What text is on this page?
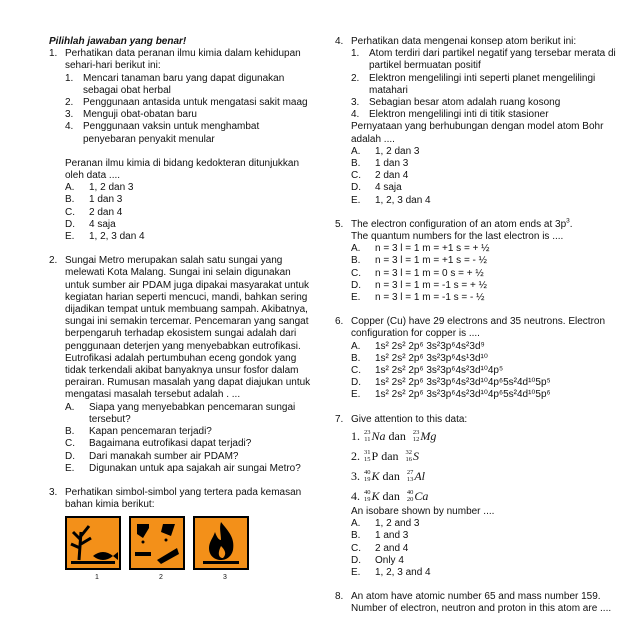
Pilihlah jawaban yang benar!

1. Perhatikan data peranan ilmu kimia dalam kehidupan sehari-hari berikut ini:

1. Mencari tanaman baru yang dapat digunakan sebagai obat herbal
2. Penggunaan antasida untuk mengatasi sakit maag
3. Menguji obat-obatan baru
4. Penggunaan vaksin untuk menghambat penyebaran penyakit menular

Peranan ilmu kimia di bidang kedokteran ditunjukkan oleh data ....

A. 1, 2 dan 3
B. 1 dan 3
C. 2 dan 4
D. 4 saja
E. 1, 2, 3 dan 4
2. Sungai Metro merupakan salah satu sungai yang melewati Kota Malang. Sungai ini selain digunakan untuk sumber air PDAM juga dipakai masyarakat untuk kegiatan harian seperti mencuci, mandi, bahkan sering dijadikan tempat untuk membuang sampah. Akibatnya, sungai ini semakin tercemar. Pencemaran yang sangat berpengaruh terhadap ekosistem sungai adalah dari penggunaan deterjen yang menyebabkan eutrofikasi. Eutrofikasi adalah pertumbuhan eceng gondok yang tidak terkendali akibat banyaknya unsur fosfor dalam perairan. Rumusan masalah yang dapat diajukan untuk mengatasi masalah tersebut adalah . ...

A. Siapa yang menyebabkan pencemaran sungai tersebut?
B. Kapan pencemaran terjadi?
C. Bagaimana eutrofikasi dapat terjadi?
D. Dari manakah sumber air PDAM?
E. Digunakan untuk apa sajakah air sungai Metro?
3. Perhatikan simbol-simbol yang tertera pada kemasan bahan kimia berikut:

1	2	3
4. Perhatikan data mengenai konsep atom berikut ini:

1. Atom terdiri dari partikel negatif yang tersebar merata di partikel bermuatan positif
2. Elektron mengelilingi inti seperti planet mengelilingi matahari
3. Sebagian besar atom adalah ruang kosong
4. Elektron mengelilingi inti di titik stasioner

Pernyataan yang berhubungan dengan model atom Bohr adalah ....

A. 1, 2 dan 3
B. 1 dan 3
C. 2 dan 4
D. 4 saja
E. 1, 2, 3 dan 4
5. The electron configuration of an atom ends at $3p^3$.

The quantum numbers for the last electron is ....

A. n = 3 l = 1 m = +1 s = + ½
B. n = 3 l = 1 m = +1 s = - ½
C. n = 3 l = 1 m = 0 s = + ½
D. n = 3 l = 1 m = -1 s = + ½
E. n = 3 l = 1 m = -1 s = - ½
6. Copper (Cu) have 29 electrons and 35 neutrons. Electron configuration for copper is ....

A. 1s² 2s² 2p⁶ 3s²3p⁶4s²3d⁹
B. 1s² 2s² 2p⁶ 3s²3p⁶4s¹3d¹⁰
C. 1s² 2s² 2p⁶ 3s²3p⁶4s²3d¹⁰4p⁵
D. 1s² 2s² 2p⁶ 3s²3p⁶4s²3d¹⁰4p⁶5s²4d¹⁰5p⁵
E. 1s² 2s² 2p⁶ 3s²3p⁶4s²3d¹⁰4p⁶5s²4d¹⁰5p⁶
7. Give attention to this data:

1. 23
11 Na dan 23
12 Mg
2. 31
15 P dan 32
16 S
3. 40
19 K dan 27
13 Al
4. 40
19 K dan 40
20 Ca

An isobare shown by number ....

A. 1, 2 and 3
B. 1 and 3
C. 2 and 4
D. Only 4
E. 1, 2, 3 and 4
8. An atom have atomic number 65 and mass number 159. Number of electron, neutron and proton in this atom are ....
